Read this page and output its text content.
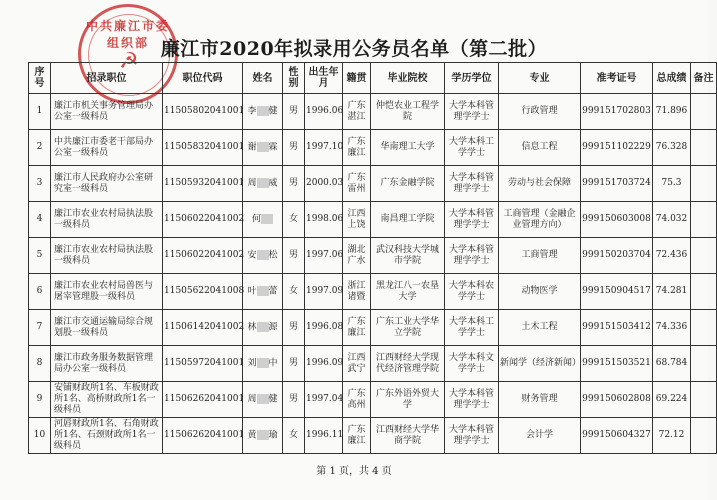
中共廉江市委组织部
☭	廉江市2020年拟录用公务员名单（第二批）
序号	招录职位	职位代码	姓名	性别	出生年月	籍贯	毕业院校	学历学位	专业	准考证号	总成绩	备注
1	廉江市机关事务管理局办公室一级科员	11505802041001	李 健	男	1996.06	广东湛江	仲恺农业工程学院	大学本科管理学学士	行政管理	999151702803	71.896	
2	中共廉江市委老干部局办公室一级科员	11505832041001	谢 霖	男	1997.10	广东廉江	华南理工大学	大学本科工学学士	信息工程	999151102229	76.328	
3	廉江市人民政府办公室研究室一级科员	11505932041001	周 威	男	2000.03	广东雷州	广东金融学院	大学本科管理学学士	劳动与社会保障	999151703724	75.3	
4	廉江市农业农村局执法股一级科员	11506022041002	何	女	1998.06	江西上饶	南昌理工学院	大学本科管理学学士	工商管理（金融企业管理方向）	999150603008	74.032	
5	廉江市农业农村局执法股一级科员	11506022041002	安 松	男	1997.06	湖北广水	武汉科技大学城市学院	大学本科管理学学士	工商管理	999150203704	72.436	
6	廉江市农业农村局兽医与屠宰管理股一级科员	11505622041008	叶 蕾	女	1997.09	浙江诸暨	黑龙江八一农垦大学	大学本科农学学士	动物医学	999150904517	74.281	
7	廉江市交通运输局综合规划股一级科员	11506142041002	林 源	男	1996.08	广东廉江	广东工业大学华立学院	大学本科工学学士	土木工程	999151503412	74.336	
8	廉江市政务服务数据管理局办公室一级科员	11505972041001	刘 中	男	1996.09	江西武宁	江西财经大学现代经济管理学院	大学本科文学学士	新闻学（经济新闻）	999151503521	68.784	
9	安铺财政所1名、车板财政所1名、高桥财政所1名一级科员	11506262041001	周 健	男	1997.04	广东高州	广东外语外贸大学	大学本科管理学学士	财务管理	999150602808	69.224	
10	河唇财政所1名、石角财政所1名、石颈财政所1名一级科员	11506262041001	黄 瑜	女	1996.11	广东廉江	江西财经大学华商学院	大学本科管理学学士	会计学	999150604327	72.12	
第 1 页，共 4 页
